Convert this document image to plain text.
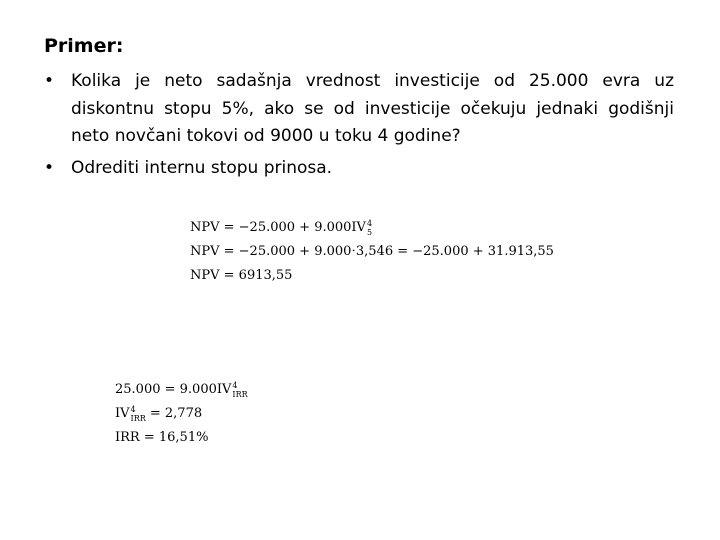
Primer:
• Kolika je neto sadašnja vrednost investicije od 25.000 evra uz diskontnu stopu 5%, ako se od investicije očekuju jednaki godišnji neto novčani tokovi od 9000 u toku 4 godine?
• Odrediti internu stopu prinosa.
NPV = −25.000 + 9.000IV 4
5
NPV = −25.000 + 9.000⋅3,546 = −25.000 + 31.913,55
NPV = 6913,55
25.000 = 9.000IV 4
IRR
IV 4
IRR = 2,778
IRR = 16,51%
